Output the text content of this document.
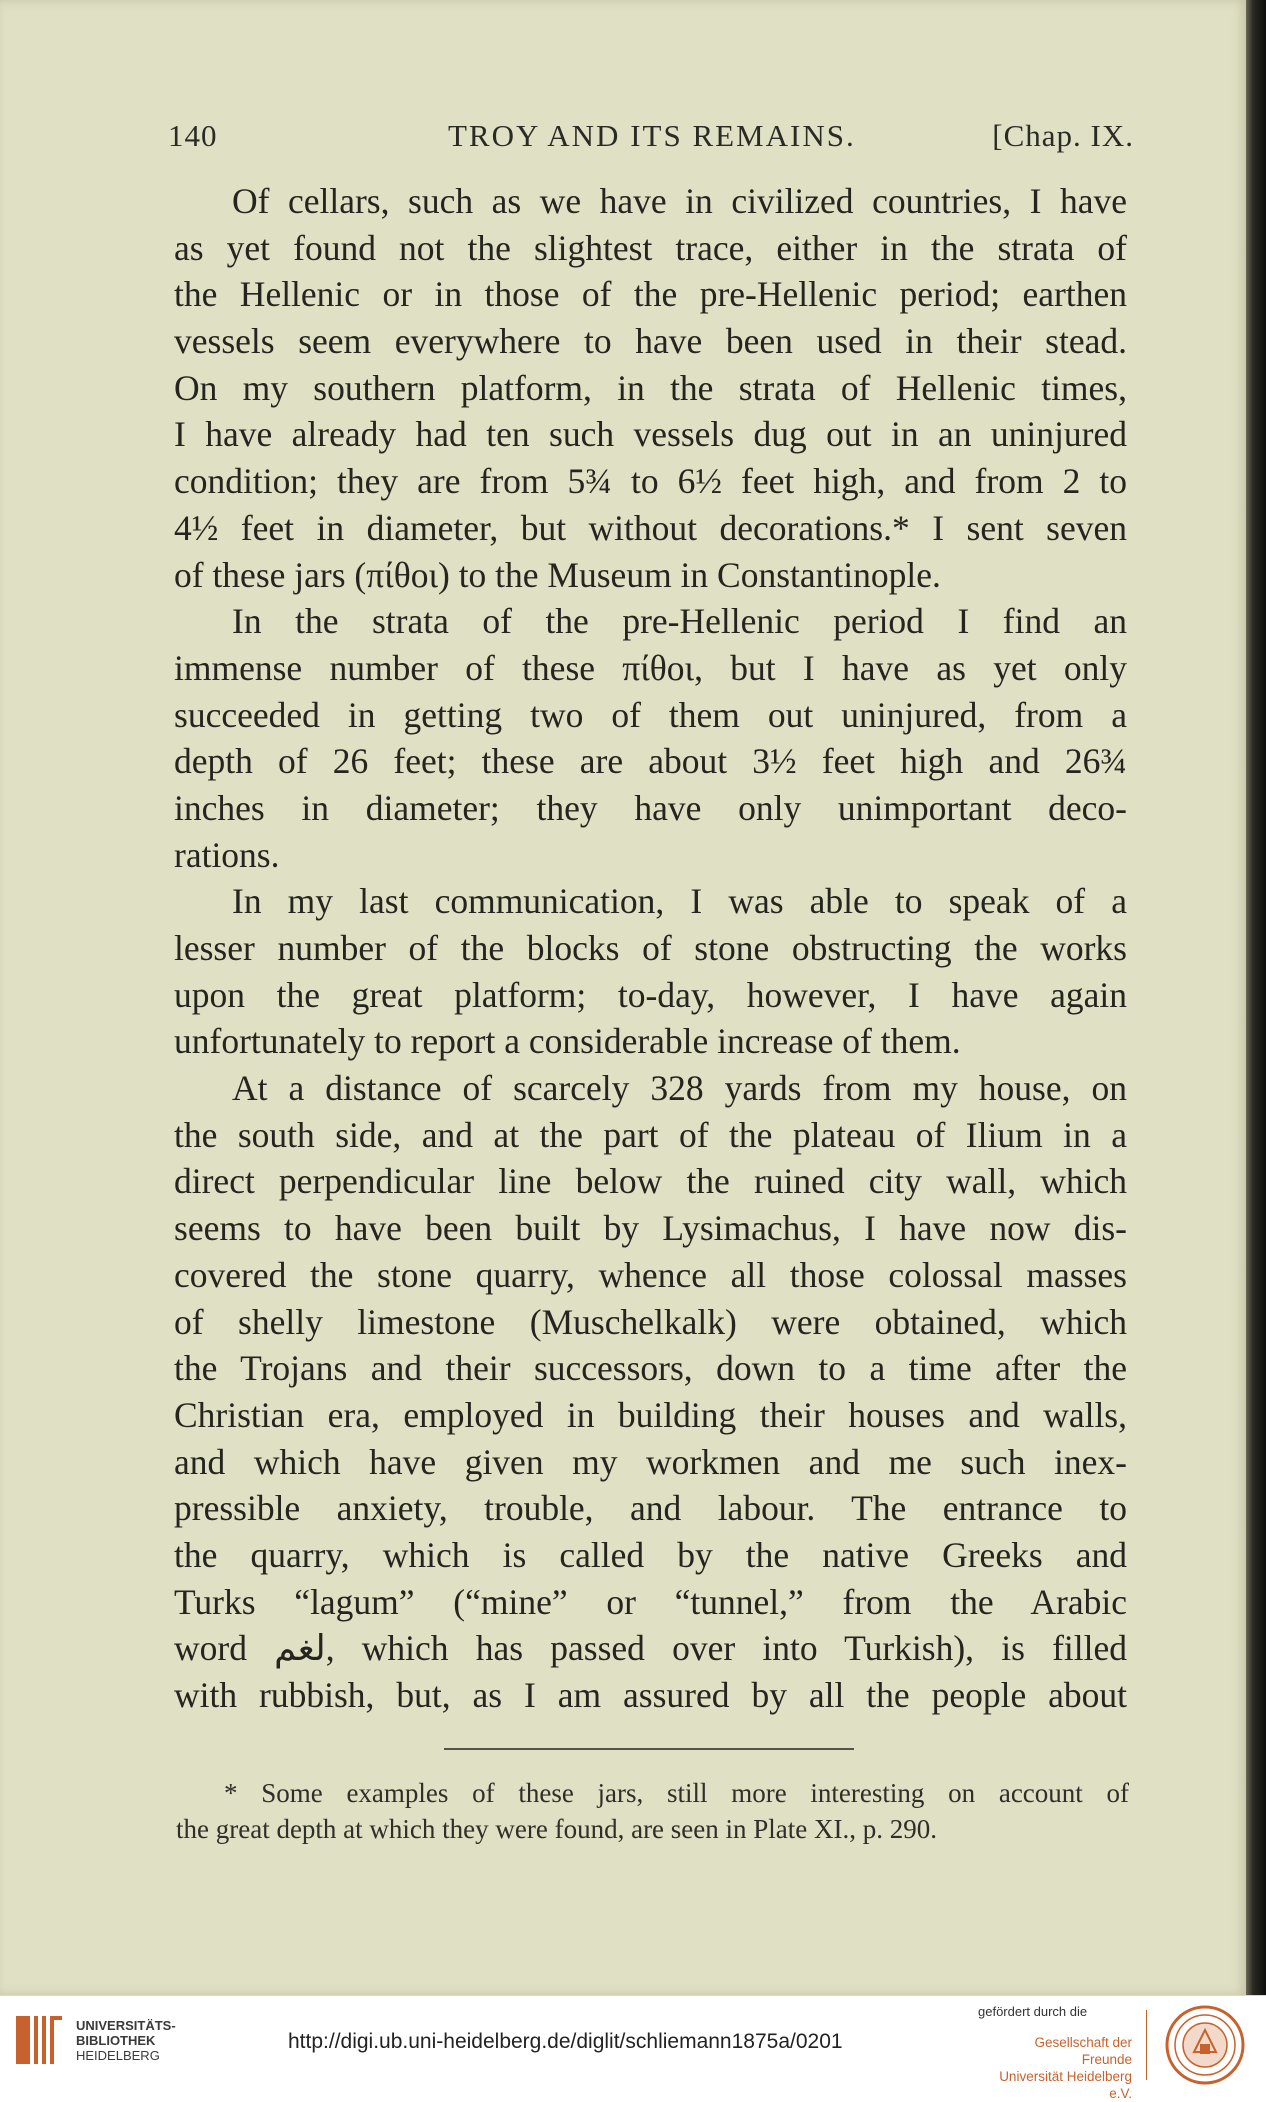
140	TROY AND ITS REMAINS.	[Chap. IX.
Of cellars, such as we have in civilized countries, I have
as yet found not the slightest trace, either in the strata of
the Hellenic or in those of the pre-Hellenic period; earthen
vessels seem everywhere to have been used in their stead.
On my southern platform, in the strata of Hellenic times,
I have already had ten such vessels dug out in an uninjured
condition; they are from 5¾ to 6½ feet high, and from 2 to
4½ feet in diameter, but without decorations.* I sent seven
of these jars (πίθοι) to the Museum in Constantinople.
In the strata of the pre-Hellenic period I find an
immense number of these πίθοι, but I have as yet only
succeeded in getting two of them out uninjured, from a
depth of 26 feet; these are about 3½ feet high and 26¾
inches in diameter; they have only unimportant deco-
rations.
In my last communication, I was able to speak of a
lesser number of the blocks of stone obstructing the works
upon the great platform; to-day, however, I have again
unfortunately to report a considerable increase of them.
At a distance of scarcely 328 yards from my house, on
the south side, and at the part of the plateau of Ilium in a
direct perpendicular line below the ruined city wall, which
seems to have been built by Lysimachus, I have now dis-
covered the stone quarry, whence all those colossal masses
of shelly limestone (Muschelkalk) were obtained, which
the Trojans and their successors, down to a time after the
Christian era, employed in building their houses and walls,
and which have given my workmen and me such inex-
pressible anxiety, trouble, and labour. The entrance to
the quarry, which is called by the native Greeks and
Turks “lagum” (“mine” or “tunnel,” from the Arabic
word لغم, which has passed over into Turkish), is filled
with rubbish, but, as I am assured by all the people about
* Some examples of these jars, still more interesting on account of
the great depth at which they were found, are seen in Plate XI., p. 290.
UNIVERSITÄTS-
BIBLIOTHEK
HEIDELBERG
http://digi.ub.uni-heidelberg.de/diglit/schliemann1875a/0201
gefördert durch die
Gesellschaft der Freunde
Universität Heidelberg e.V.
